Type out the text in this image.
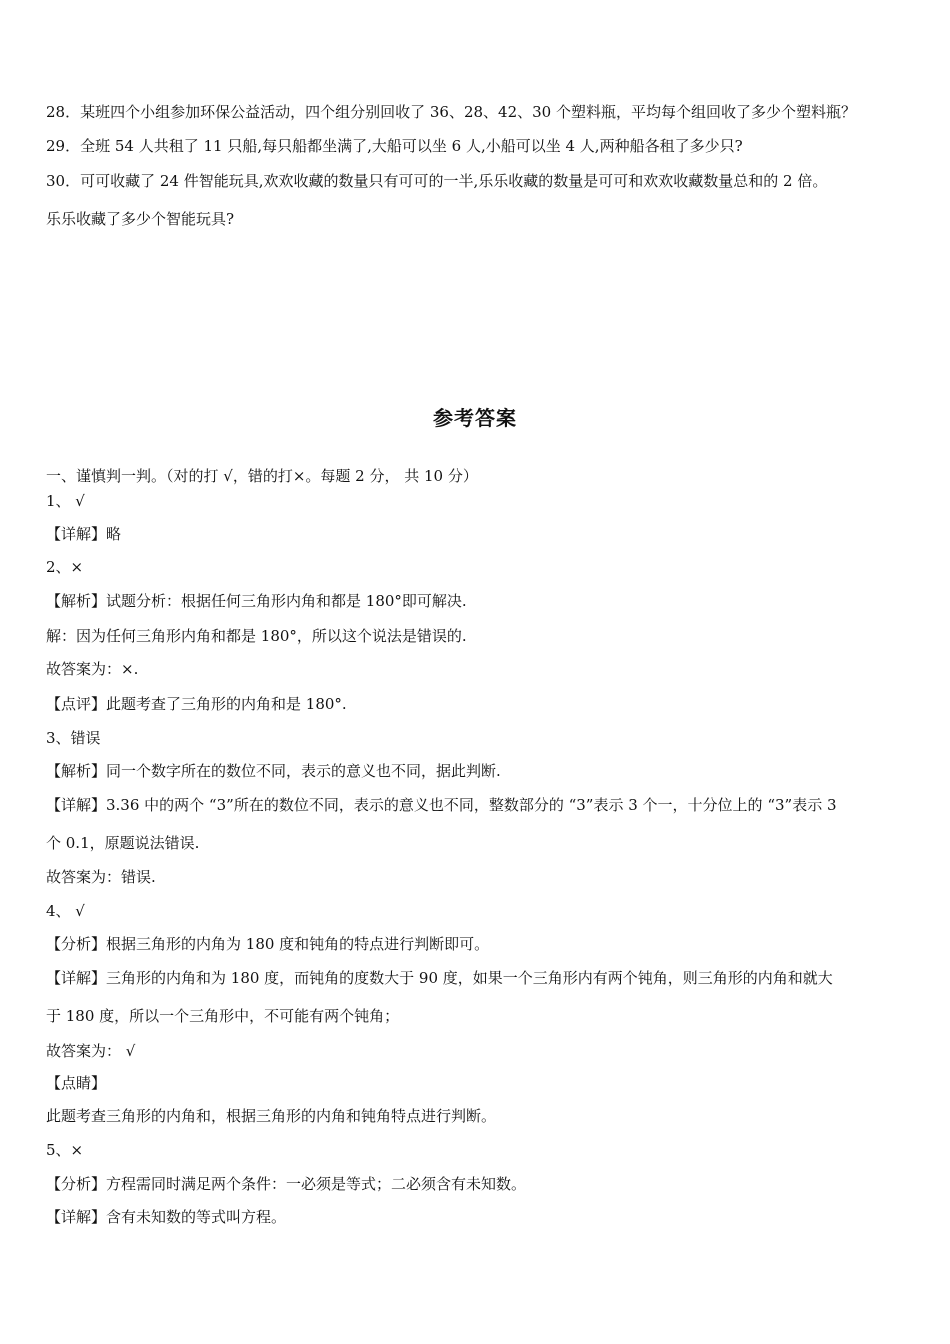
28．某班四个小组参加环保公益活动，四个组分别回收了 36、28、42、30 个塑料瓶，平均每个组回收了多少个塑料瓶？
29．全班 54 人共租了 11 只船,每只船都坐满了,大船可以坐 6 人,小船可以坐 4 人,两种船各租了多少只?
30．可可收藏了 24 件智能玩具,欢欢收藏的数量只有可可的一半,乐乐收藏的数量是可可和欢欢收藏数量总和的 2 倍。
乐乐收藏了多少个智能玩具?
参考答案
一、谨慎判一判。（对的打 √，错的打×。每题 2 分， 共 10 分）
1、 √
【详解】略
2、×
【解析】试题分析：根据任何三角形内角和都是 180°即可解决.
解：因为任何三角形内角和都是 180°，所以这个说法是错误的.
故答案为：×.
【点评】此题考查了三角形的内角和是 180°.
3、错误
【解析】同一个数字所在的数位不同，表示的意义也不同，据此判断.
【详解】3.36 中的两个 “3”所在的数位不同，表示的意义也不同，整数部分的 “3”表示 3 个一，十分位上的 “3”表示 3
个 0.1，原题说法错误.
故答案为：错误.
4、 √
【分析】根据三角形的内角为 180 度和钝角的特点进行判断即可。
【详解】三角形的内角和为 180 度，而钝角的度数大于 90 度，如果一个三角形内有两个钝角，则三角形的内角和就大
于 180 度，所以一个三角形中，不可能有两个钝角；
故答案为： √
【点睛】
此题考查三角形的内角和，根据三角形的内角和钝角特点进行判断。
5、×
【分析】方程需同时满足两个条件：一必须是等式；二必须含有未知数。
【详解】含有未知数的等式叫方程。
